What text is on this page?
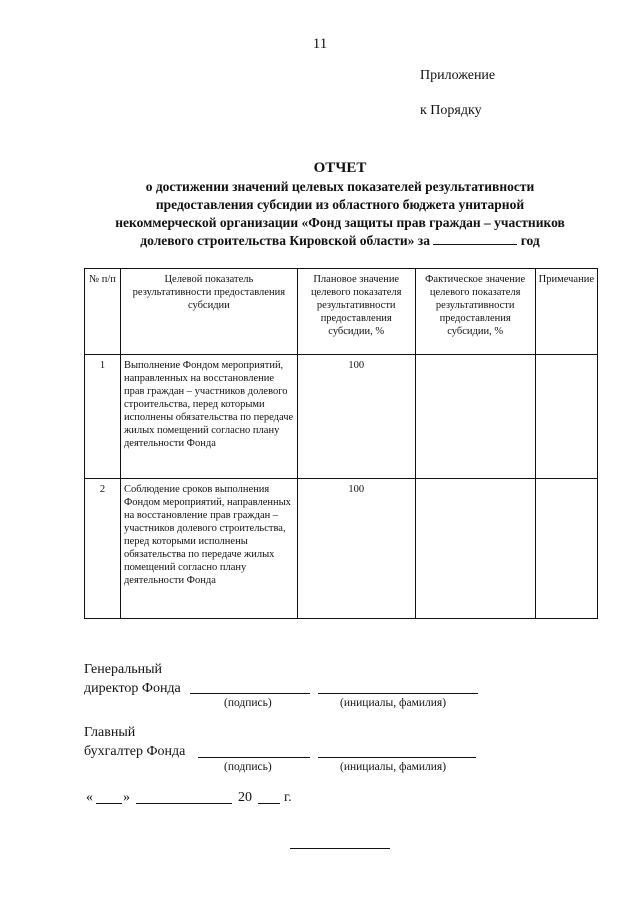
11
Приложение
к Порядку
ОТЧЕТ
о достижении значений целевых показателей результативности
предоставления субсидии из областного бюджета унитарной
некоммерческой организации «Фонд защиты прав граждан – участников
долевого строительства Кировской области» за	год
№ п/п	Целевой показатель результативности предоставления субсидии	Плановое значение целевого показателя результативности предоставления субсидии, %	Фактическое значение целевого показателя результативности предоставления субсидии, %	Примечание
1	Выполнение Фондом мероприятий, направленных на восстановление прав граждан – участников долевого строительства, перед которыми исполнены обязательства по передаче жилых помещений согласно плану деятельности Фонда	100		
2	Соблюдение сроков выполнения Фондом мероприятий, направленных на восстановление прав граждан – участников долевого строительства, перед которыми исполнены обязательства по передаче жилых помещений согласно плану деятельности Фонда	100		
Генеральный
директор Фонда
(подпись)	(инициалы, фамилия)
Главный
бухгалтер Фонда
(подпись)	(инициалы, фамилия)
« »	20 г.
